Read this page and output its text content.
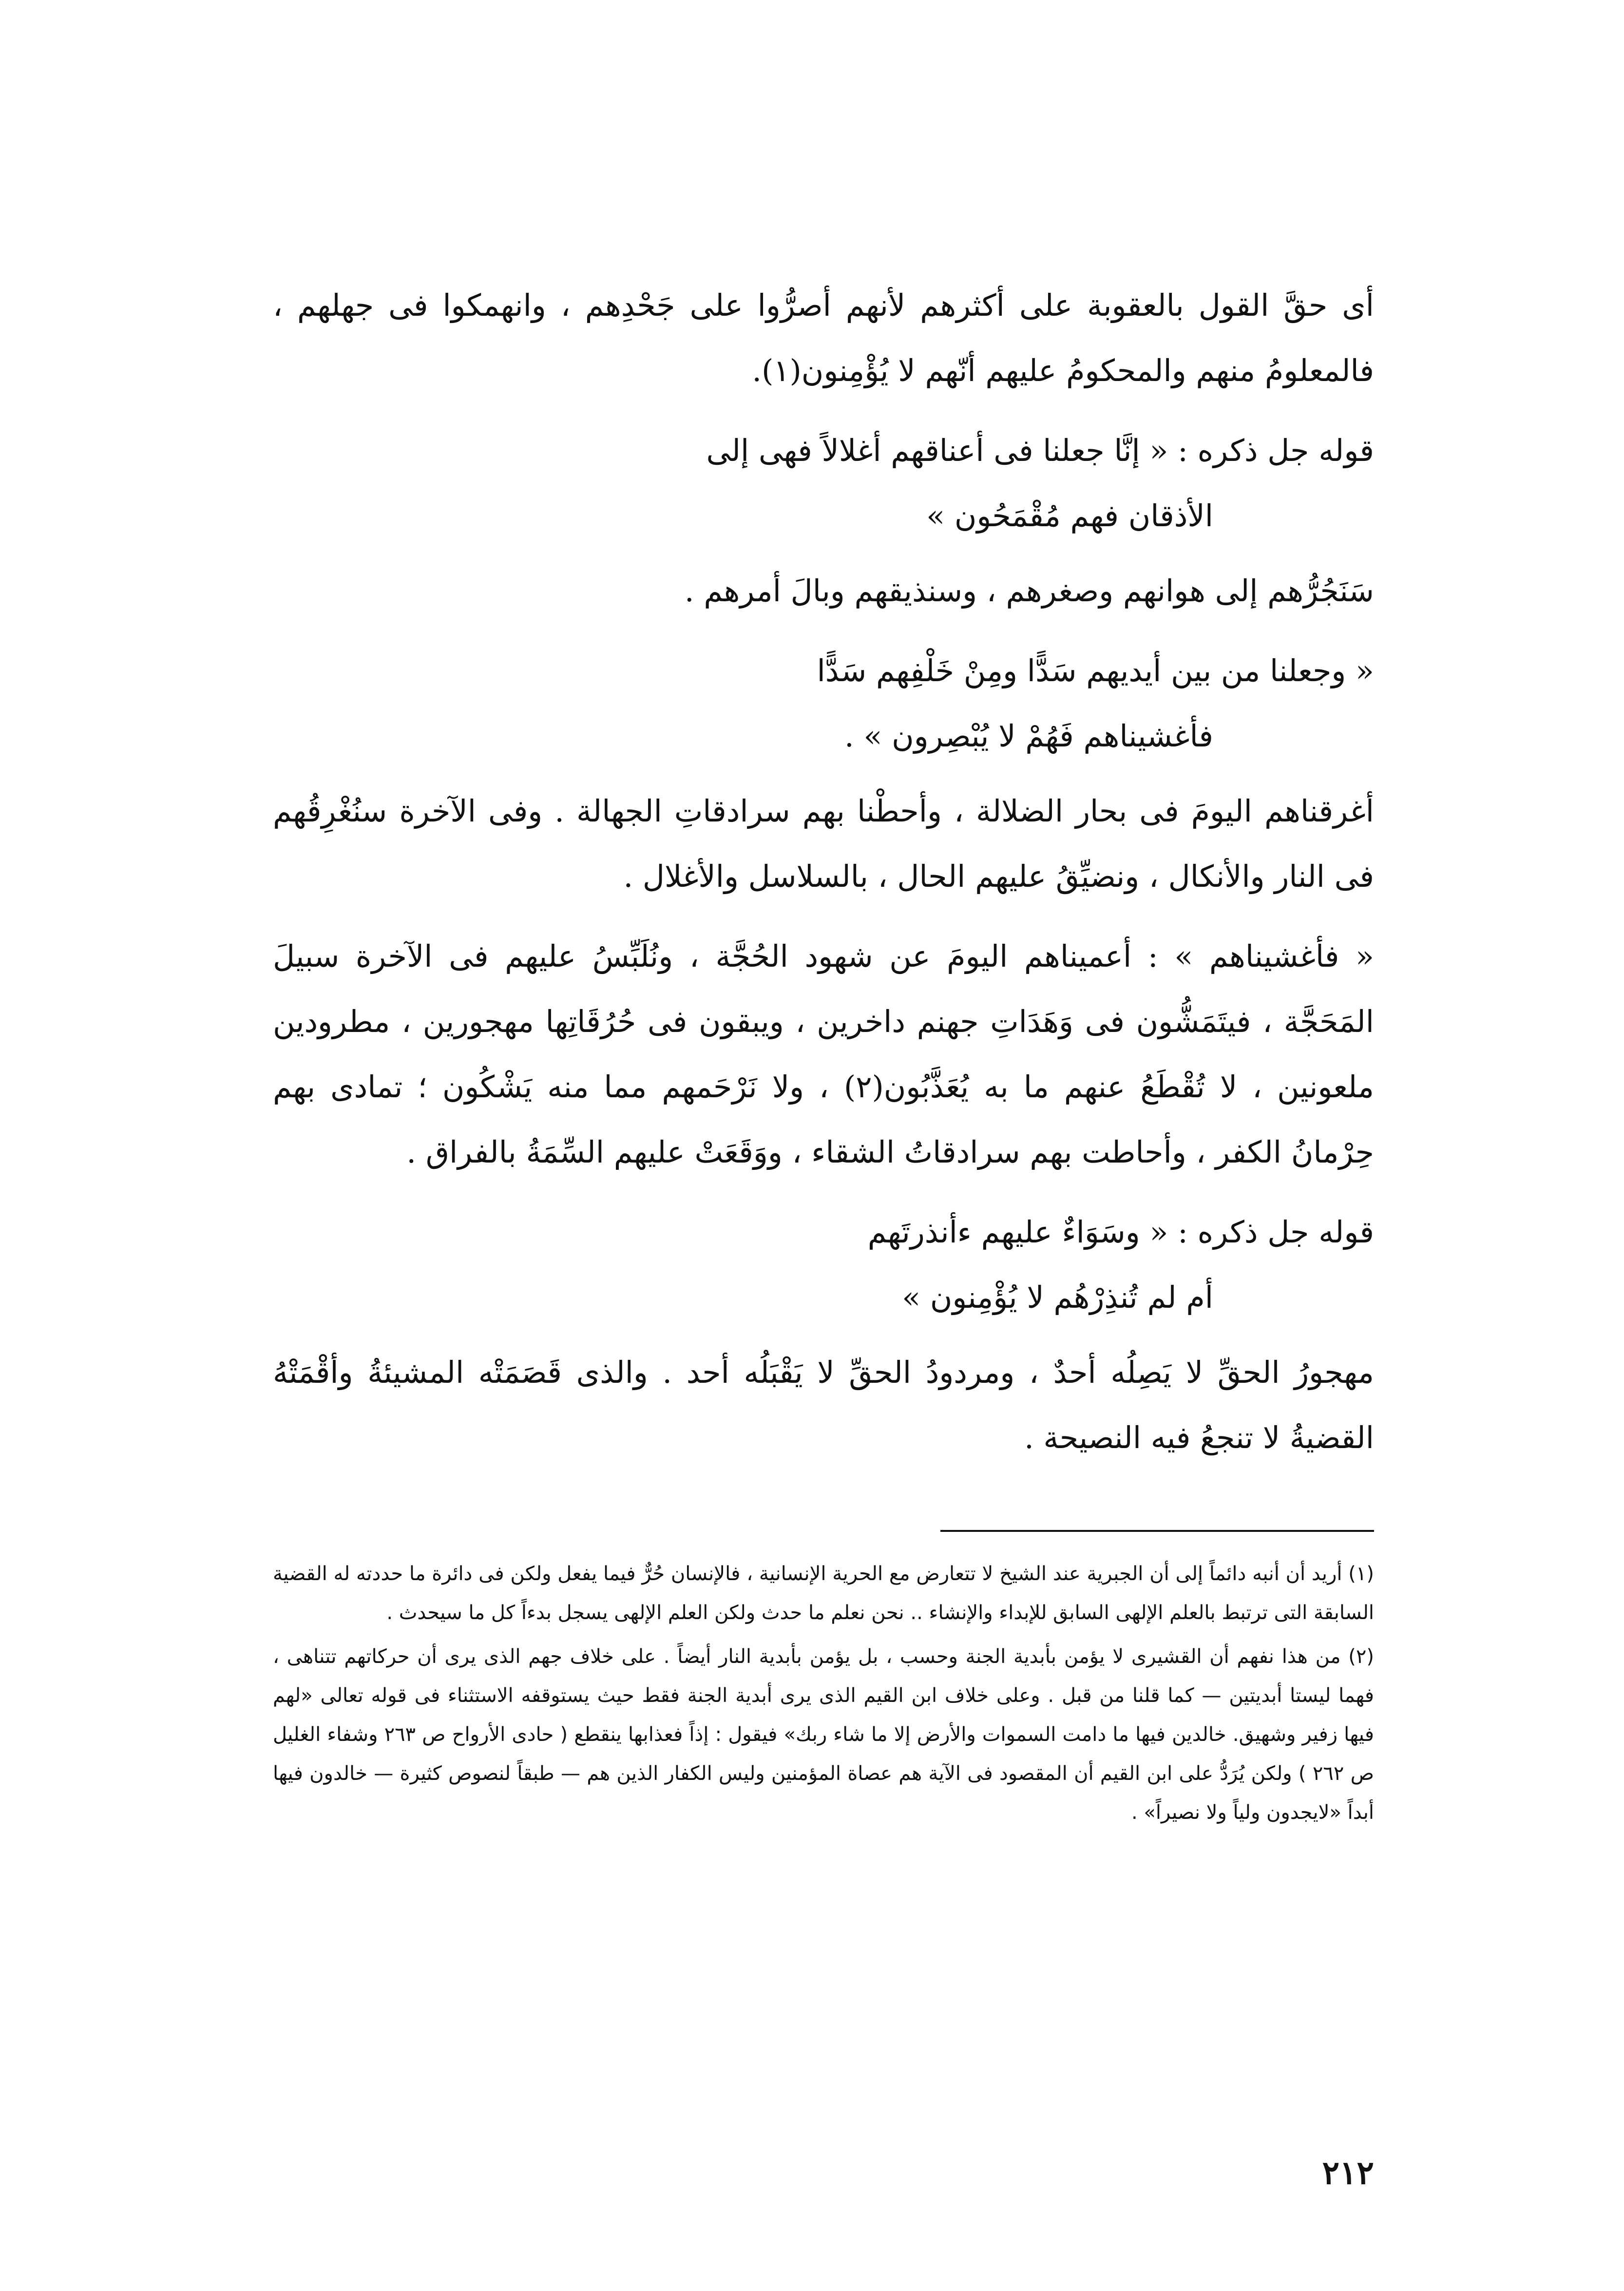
أى حقَّ القول بالعقوبة على أكثرهم لأنهم أصرُّوا على جَحْدِهم ، وانهمكوا فى جهلهم ، فالمعلومُ منهم والمحكومُ عليهم أنّهم لا يُؤْمِنون(١).

قوله جل ذكره : « إنَّا جعلنا فى أعناقهم أغلالاً فهى إلى
الأذقان فهم مُقْمَحُون »

سَنَجُرُّهم إلى هوانهم وصغرهم ، وسنذيقهم وبالَ أمرهم .

« وجعلنا من بين أيديهم سَدًّا ومِنْ خَلْفِهم سَدًّا
فأغشيناهم فَهُمْ لا يُبْصِرون » .

أغرقناهم اليومَ فى بحار الضلالة ، وأحطْنا بهم سرادقاتِ الجهالة . وفى الآخرة سنُغْرِقُهم فى النار والأنكال ، ونضيِّقُ عليهم الحال ، بالسلاسل والأغلال .

« فأغشيناهم » : أعميناهم اليومَ عن شهود الحُجَّة ، ونُلَبِّسُ عليهم فى الآخرة سبيلَ المَحَجَّة ، فيتَمَشُّون فى وَهَدَاتِ جهنم داخرين ، ويبقون فى حُرُقَاتِها مهجورين ، مطرودين ملعونين ، لا تُقْطَعُ عنهم ما به يُعَذَّبُون(٢) ، ولا نَرْحَمهم مما منه يَشْكُون ؛ تمادى بهم حِرْمانُ الكفر ، وأحاطت بهم سرادقاتُ الشقاء ، ووَقَعَتْ عليهم السِّمَةُ بالفراق .

قوله جل ذكره : « وسَوَاءٌ عليهم ءأنذرتَهم
أم لم تُنذِرْهُم لا يُؤْمِنون »

مهجورُ الحقِّ لا يَصِلُه أحدٌ ، ومردودُ الحقِّ لا يَقْبَلُه أحد . والذى قَصَمَتْه المشيئةُ وأقْمَتْهُ القضيةُ لا تنجعُ فيه النصيحة .

(١) أريد أن أنبه دائماً إلى أن الجبرية عند الشيخ لا تتعارض مع الحرية الإنسانية ، فالإنسان حُرٌّ فيما يفعل ولكن فى دائرة ما حددته له القضية السابقة التى ترتبط بالعلم الإلهى السابق للإبداء والإنشاء .. نحن نعلم ما حدث ولكن العلم الإلهى يسجل بدءاً كل ما سيحدث .

(٢) من هذا نفهم أن القشيرى لا يؤمن بأبدية الجنة وحسب ، بل يؤمن بأبدية النار أيضاً . على خلاف جهم الذى يرى أن حركاتهم تتناهى ، فهما ليستا أبديتين — كما قلنا من قبل . وعلى خلاف ابن القيم الذى يرى أبدية الجنة فقط حيث يستوقفه الاستثناء فى قوله تعالى «لهم فيها زفير وشهيق. خالدين فيها ما دامت السموات والأرض إلا ما شاء ربك» فيقول : إذاً فعذابها ينقطع ( حادى الأرواح ص ٢٦٣ وشفاء الغليل ص ٢٦٢ ) ولكن يُرَدُّ على ابن القيم أن المقصود فى الآية هم عصاة المؤمنين وليس الكفار الذين هم — طبقاً لنصوص كثيرة — خالدون فيها أبداً «لايجدون ولياً ولا نصيراً» .

٢١٢
